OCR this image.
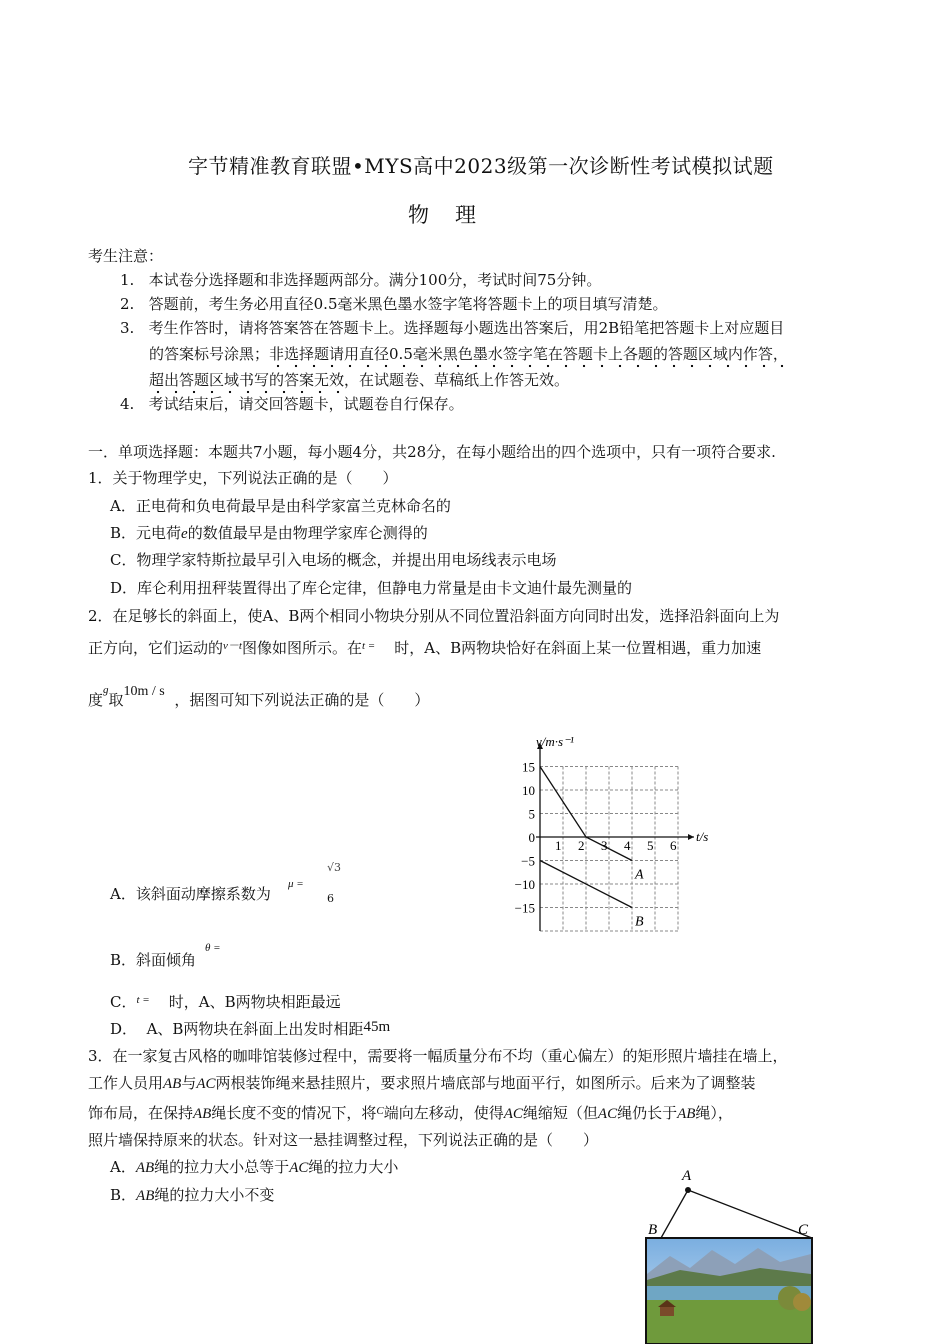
字节精准教育联盟•MYS高中2023级第一次诊断性考试模拟试题
物理
考生注意：
1. 本试卷分选择题和非选择题两部分。满分100分，考试时间75分钟。
2. 答题前，考生务必用直径0.5毫米黑色墨水签字笔将答题卡上的项目填写清楚。
3. 考生作答时，请将答案答在答题卡上。选择题每小题选出答案后，用2B铅笔把答题卡上对应题目
的答案标号涂黑；非选择题请用直径0.5毫米黑色墨水签字笔在答题卡上各题的答题区域内作答，
超出答题区域书写的答案无效，在试题卷、草稿纸上作答无效。
4. 考试结束后，请交回答题卡，试题卷自行保存。
一．单项选择题：本题共7小题，每小题4分，共28分，在每小题给出的四个选项中，只有一项符合要求.
1．关于物理学史，下列说法正确的是（　　）
A．正电荷和负电荷最早是由科学家富兰克林命名的
B．元电荷e的数值最早是由物理学家库仑测得的
C．物理学家特斯拉最早引入电场的概念，并提出用电场线表示电场
D．库仑利用扭秤装置得出了库仑定律，但静电力常量是由卡文迪什最先测量的
2．在足够长的斜面上，使A、B两个相同小物块分别从不同位置沿斜面方向同时出发，选择沿斜面向上为
正方向，它们运动的$^{v-t}$图像如图所示。在$^{t =}$ 时，A、B两物块恰好在斜面上某一位置相遇，重力加速
度$^g$取10m / s ，据图可知下列说法正确的是（　　）
A．该斜面动摩擦系数为
μ =
√3
6
B．斜面倾角
θ =
C．$^{t =}$ 时，A、B两物块相距最远
D． A、B两物块在斜面上出发时相距45m
v/m·s⁻¹
t/s
1 2 3 4 5 6
15
10
5
0
−5
−10
−15
A
B
3．在一家复古风格的咖啡馆装修过程中，需要将一幅质量分布不均（重心偏左）的矩形照片墙挂在墙上，
工作人员用AB与AC两根装饰绳来悬挂照片，要求照片墙底部与地面平行，如图所示。后来为了调整装
饰布局，在保持AB绳长度不变的情况下，将$^C$端向左移动，使得AC绳缩短（但AC绳仍长于AB绳），
照片墙保持原来的状态。针对这一悬挂调整过程，下列说法正确的是（　　）
A．AB绳的拉力大小总等于AC绳的拉力大小
B．AB绳的拉力大小不变
A
B	C
